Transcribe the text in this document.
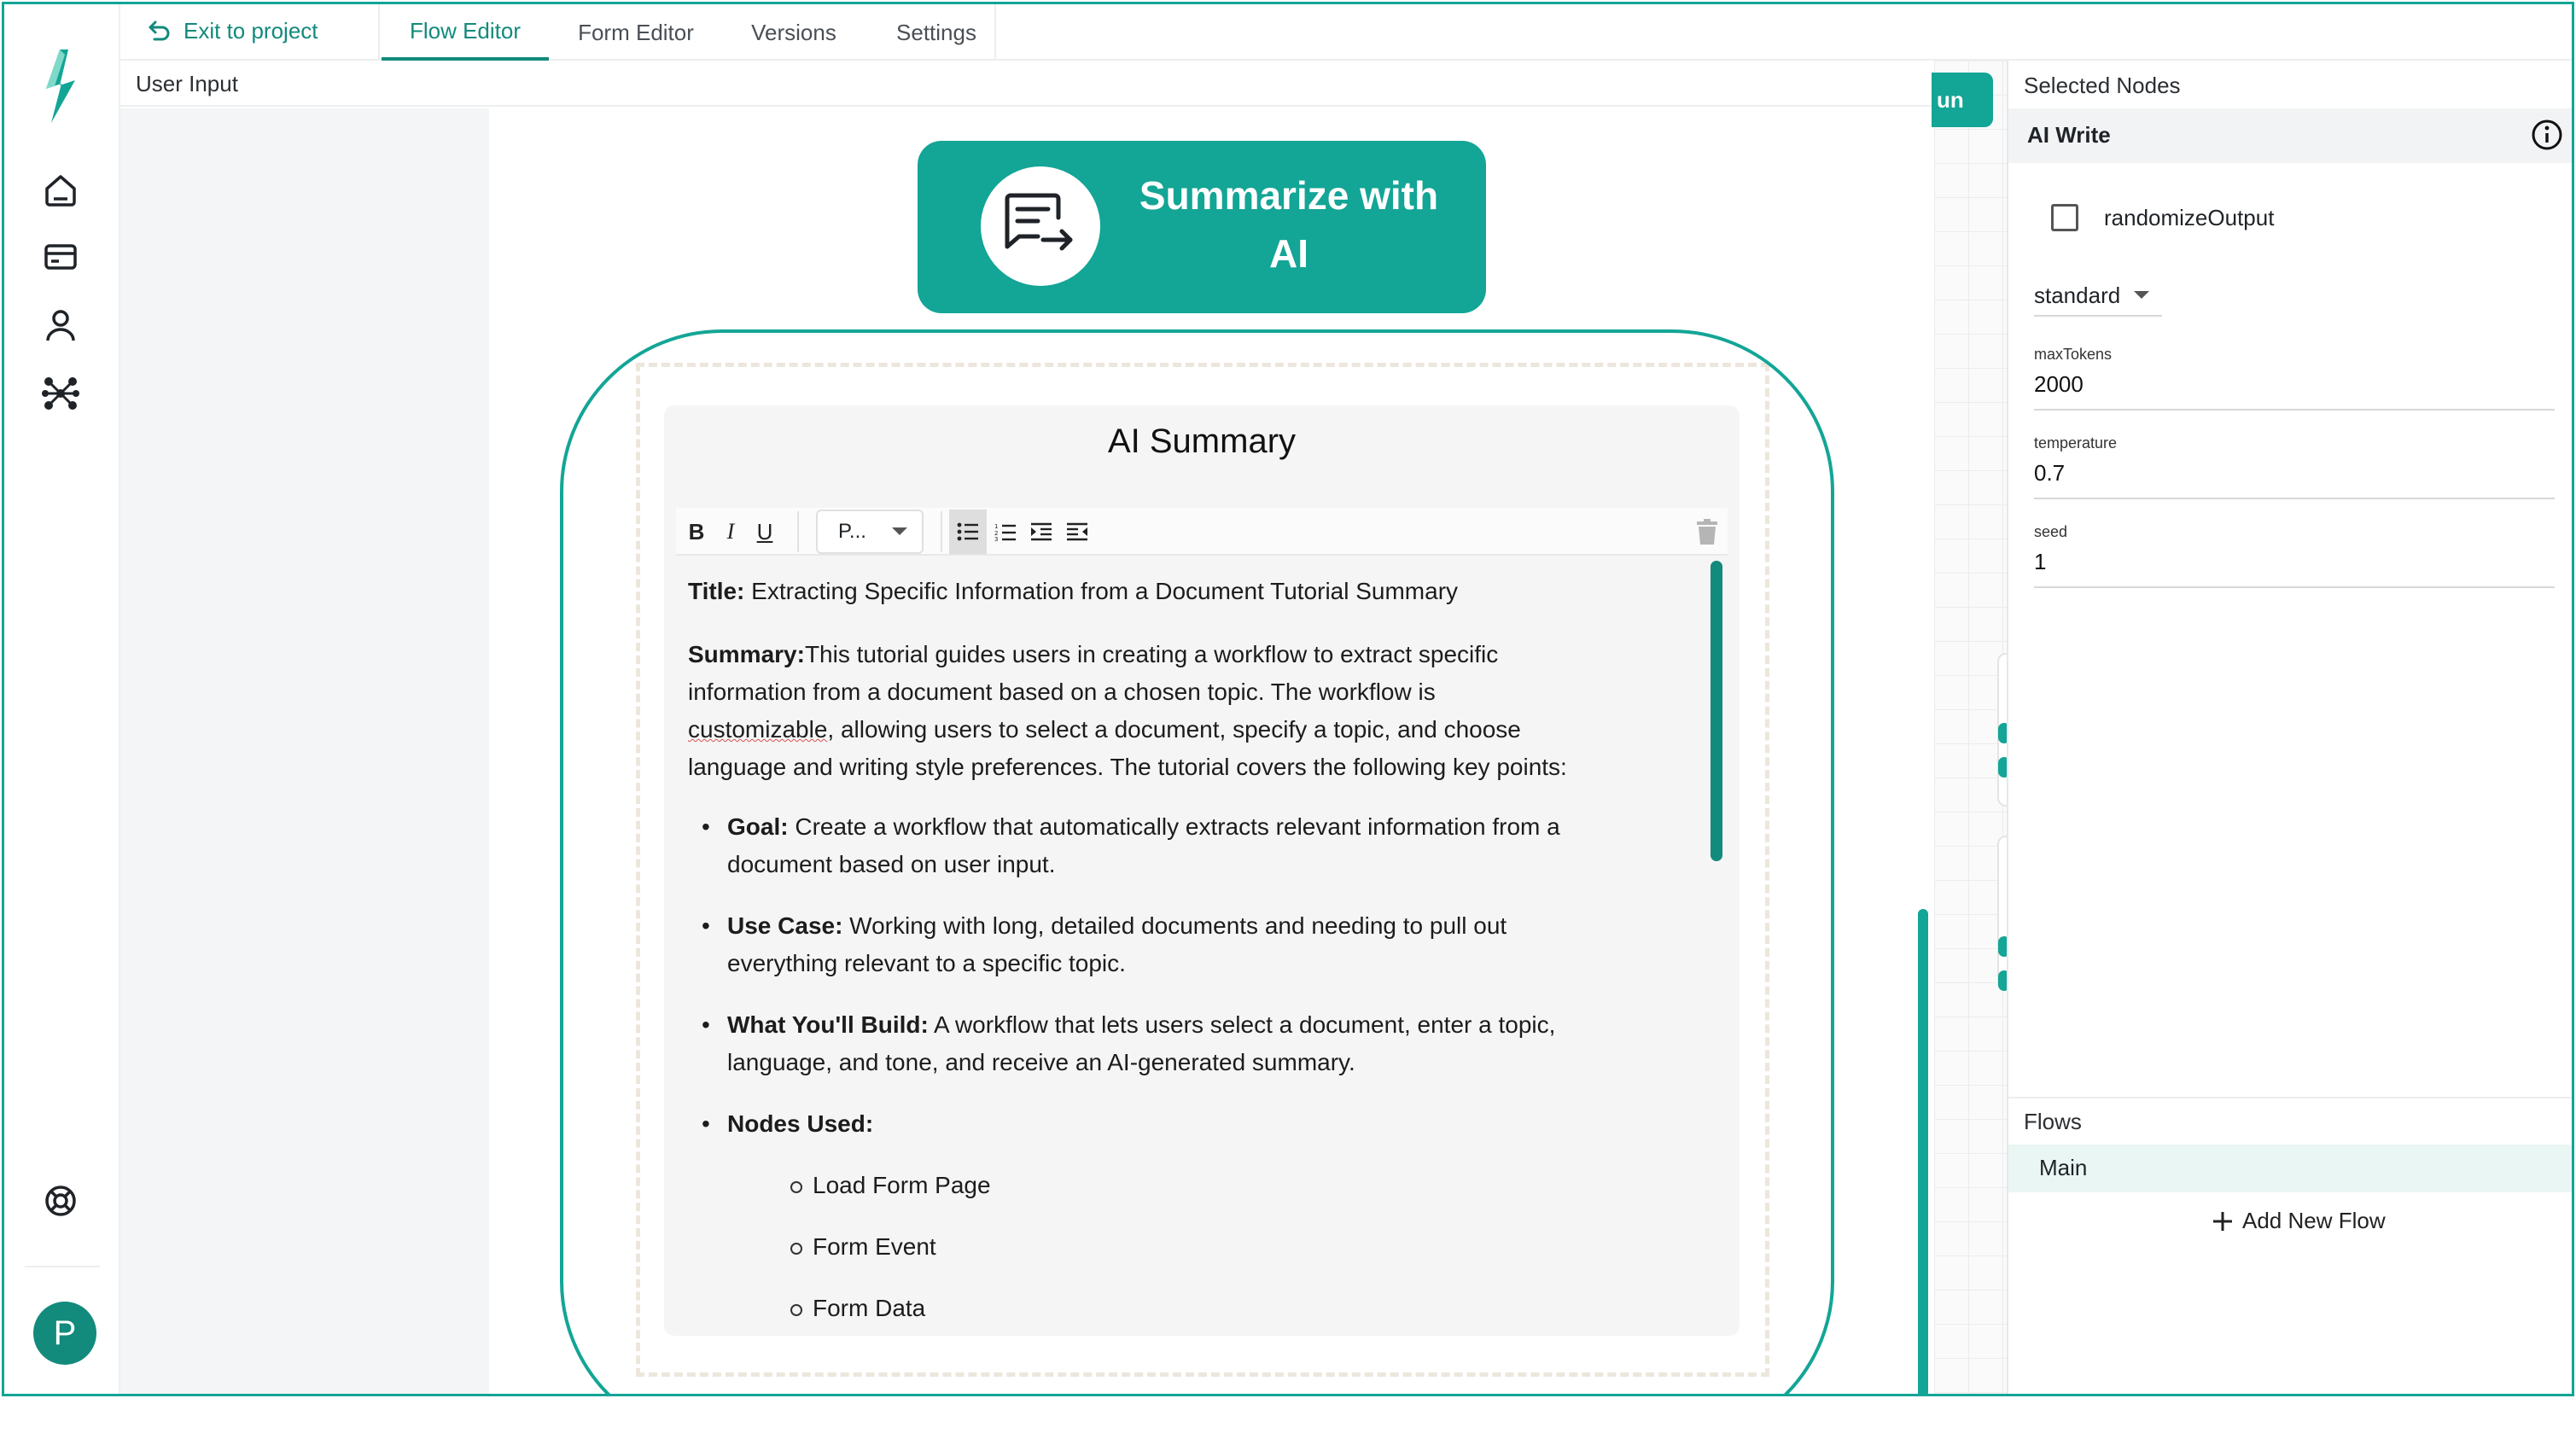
P
Exit to project	Flow Editor	Form Editor	Versions	Settings
User Input
un
Selected Nodes
AI Write
randomizeOutput
standard
maxTokens
2000
temperature
0.7
seed
1
Flows
Main
Add New Flow
Summarize with
AI
AI Summary
B	I	U	P...	1
2
3
Title: Extracting Specific Information from a Document Tutorial Summary
Summary:This tutorial guides users in creating a workflow to extract specific
information from a document based on a chosen topic. The workflow is
customizable, allowing users to select a document, specify a topic, and choose
language and writing style preferences. The tutorial covers the following key points:
• Goal: Create a workflow that automatically extracts relevant information from a
document based on user input.
• Use Case: Working with long, detailed documents and needing to pull out
everything relevant to a specific topic.
• What You'll Build: A workflow that lets users select a document, enter a topic,
language, and tone, and receive an AI-generated summary.
• Nodes Used:
Load Form Page
Form Event
Form Data
